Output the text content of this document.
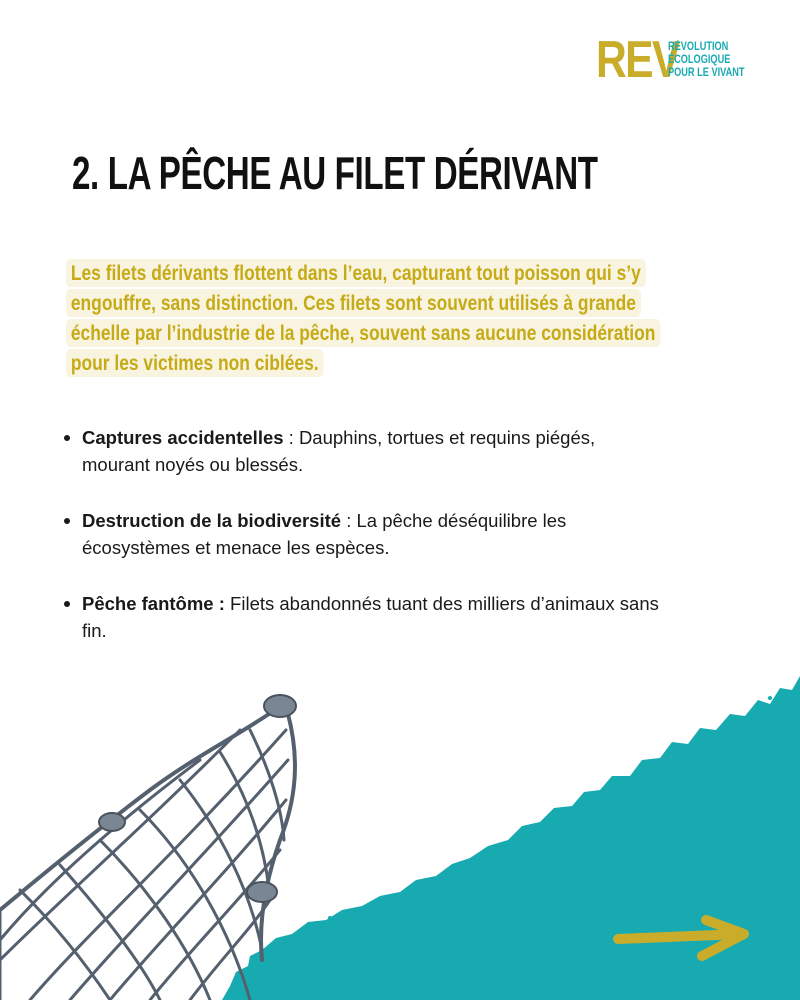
REV
RÉVOLUTION
ÉCOLOGIQUE
POUR LE VIVANT
2. LA PÊCHE AU FILET DÉRIVANT

Les filets dérivants flottent dans l’eau, capturant tout poisson qui s’y engouffre, sans distinction. Ces filets sont souvent utilisés à grande échelle par l’industrie de la pêche, souvent sans aucune considération pour les victimes non ciblées.

Captures accidentelles : Dauphins, tortues et requins piégés, mourant noyés ou blessés.
Destruction de la biodiversité : La pêche déséquilibre les écosystèmes et menace les espèces.
Pêche fantôme : Filets abandonnés tuant des milliers d’animaux sans fin.
